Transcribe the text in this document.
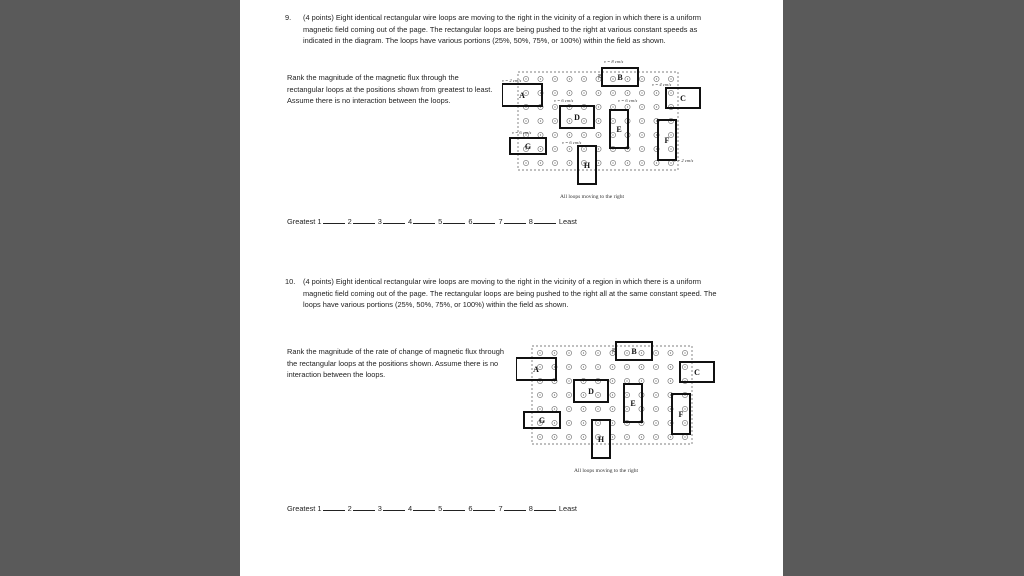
9. (4 points) Eight identical rectangular wire loops are moving to the right in the vicinity of a region in which there is a uniform magnetic field coming out of the page. The rectangular loops are being pushed to the right at various constant speeds as indicated in the diagram. The loops have various portions (25%, 50%, 75%, or 100%) within the field as shown.
Rank the magnitude of the magnetic flux through the rectangular loops at the positions shown from greatest to least. Assume there is no interaction between the loops.
B
A
v = 2 cm/s	B
v = 8 cm/s
C
v = 4 cm/s
D
v = 6 cm/s
E
v = 6 cm/s
F
v = 2 cm/s
G
v = 6 cm/s
H
v = 6 cm/s
All loops moving to the right
Greatest 1	2	3	4	5	6	7	8	Least
10. (4 points) Eight identical rectangular wire loops are moving to the right in the vicinity of a region in which there is a uniform magnetic field coming out of the page. The rectangular loops are being pushed to the right all at the same constant speed. The loops have various portions (25%, 50%, 75%, or 100%) within the field as shown.
Rank the magnitude of the rate of change of magnetic flux through the rectangular loops at the positions shown. Assume there is no interaction between the loops.
B
A
B
C
D
E
F
G
H
All loops moving to the right
Greatest 1	2	3	4	5	6	7	8	Least
